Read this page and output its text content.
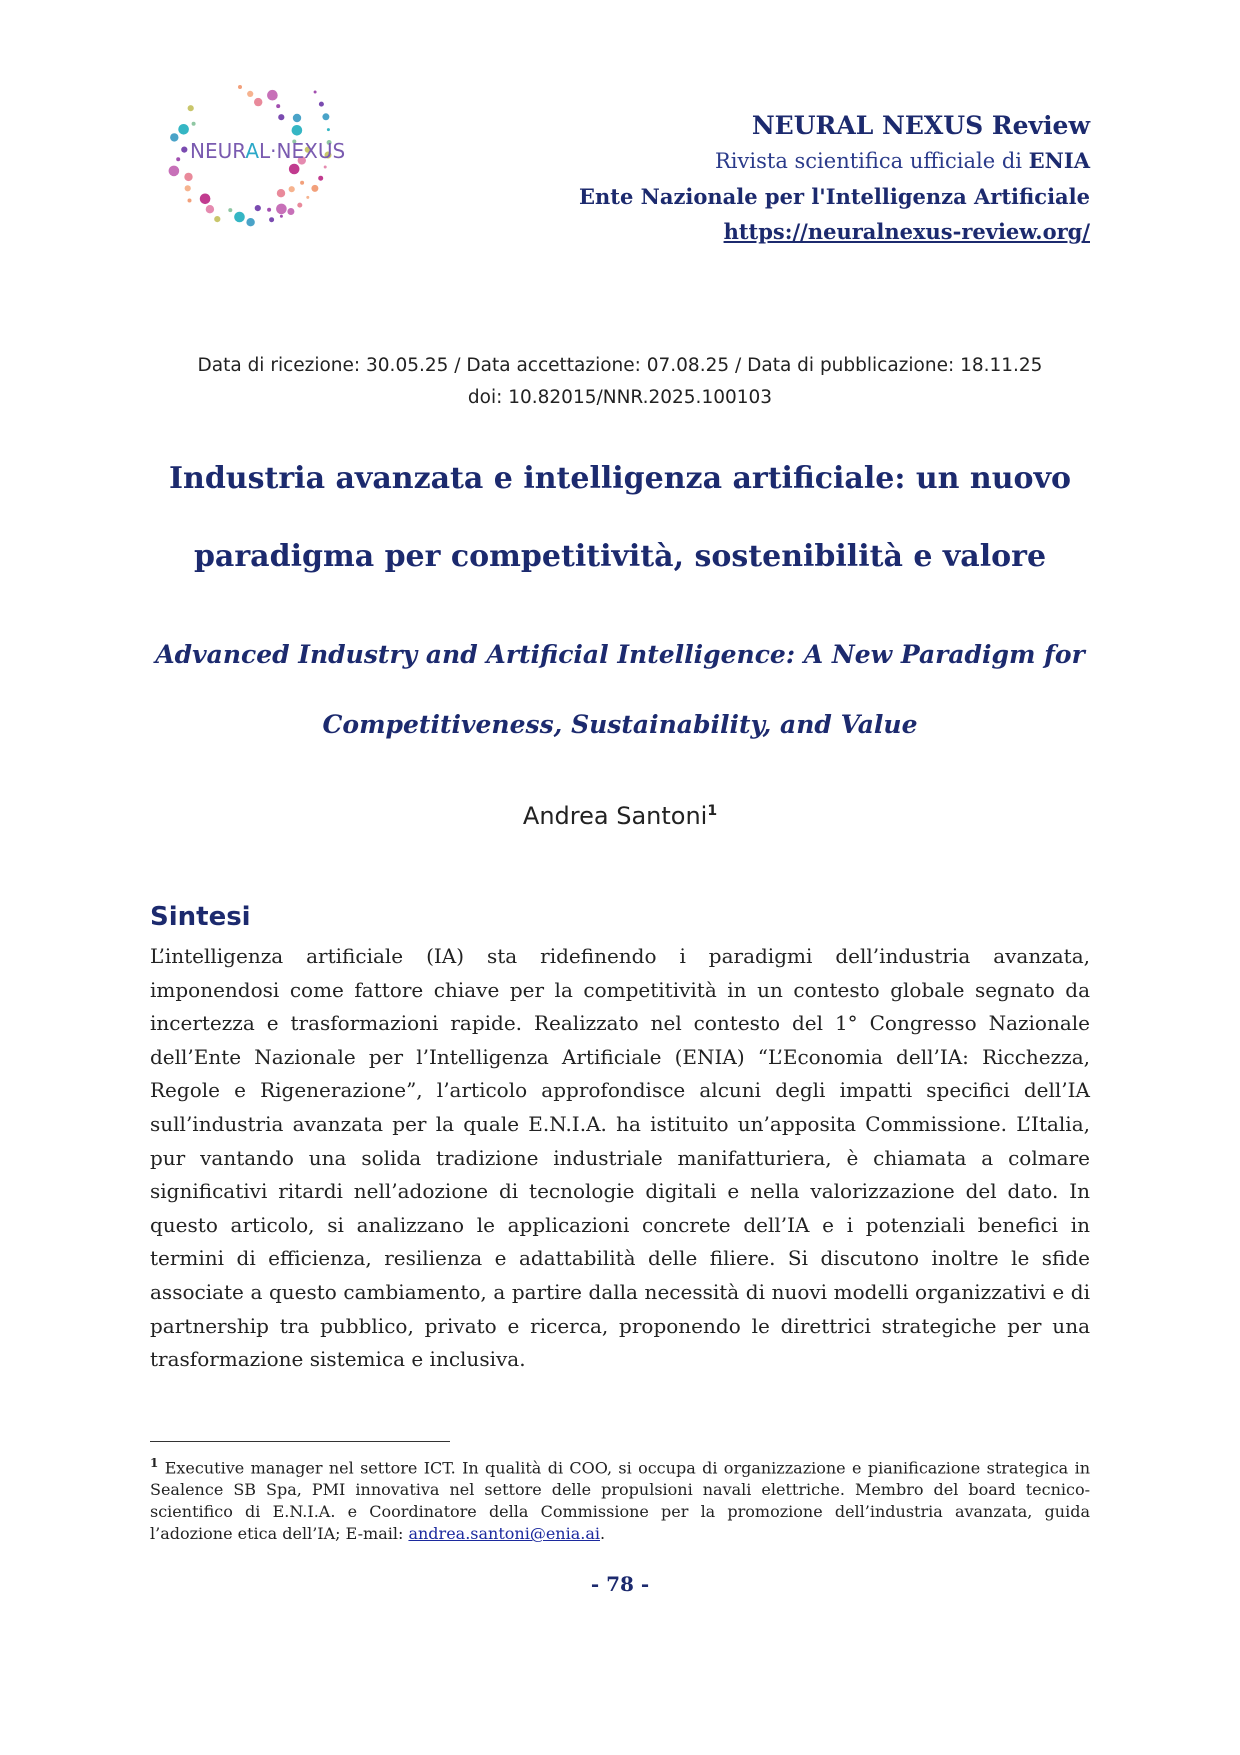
NEURAL·NEXUS
NEURAL NEXUS Review
Rivista scientifica ufficiale di ENIA
Ente Nazionale per l'Intelligenza Artificiale
https://neuralnexus-review.org/
Data di ricezione: 30.05.25 / Data accettazione: 07.08.25 / Data di pubblicazione: 18.11.25
doi: 10.82015/NNR.2025.100103
Industria avanzata e intelligenza artificiale: un nuovo paradigma per competitività, sostenibilità e valore
Advanced Industry and Artificial Intelligence: A New Paradigm for Competitiveness, Sustainability, and Value
Andrea Santoni$^1$
Sintesi
L’intelligenza artificiale (IA) sta ridefinendo i paradigmi dell’industria avanzata, imponendosi come fattore chiave per la competitività in un contesto globale segnato da incertezza e trasformazioni rapide. Realizzato nel contesto del 1° Congresso Nazionale dell’Ente Nazionale per l’Intelligenza Artificiale (ENIA) “L’Economia dell’IA: Ricchezza, Regole e Rigenerazione”, l’articolo approfondisce alcuni degli impatti specifici dell’IA sull’industria avanzata per la quale E.N.I.A. ha istituito un’apposita Commissione. L’Italia, pur vantando una solida tradizione industriale manifatturiera, è chiamata a colmare significativi ritardi nell’adozione di tecnologie digitali e nella valorizzazione del dato. In questo articolo, si analizzano le applicazioni concrete dell’IA e i potenziali benefici in termini di efficienza, resilienza e adattabilità delle filiere. Si discutono inoltre le sfide associate a questo cambiamento, a partire dalla necessità di nuovi modelli organizzativi e di partnership tra pubblico, privato e ricerca, proponendo le direttrici strategiche per una trasformazione sistemica e inclusiva.
$^1$ Executive manager nel settore ICT. In qualità di COO, si occupa di organizzazione e pianificazione strategica in Sealence SB Spa, PMI innovativa nel settore delle propulsioni navali elettriche. Membro del board tecnico-scientifico di E.N.I.A. e Coordinatore della Commissione per la promozione dell’industria avanzata, guida l’adozione etica dell’IA; E-mail: andrea.santoni@enia.ai.
- 78 -
